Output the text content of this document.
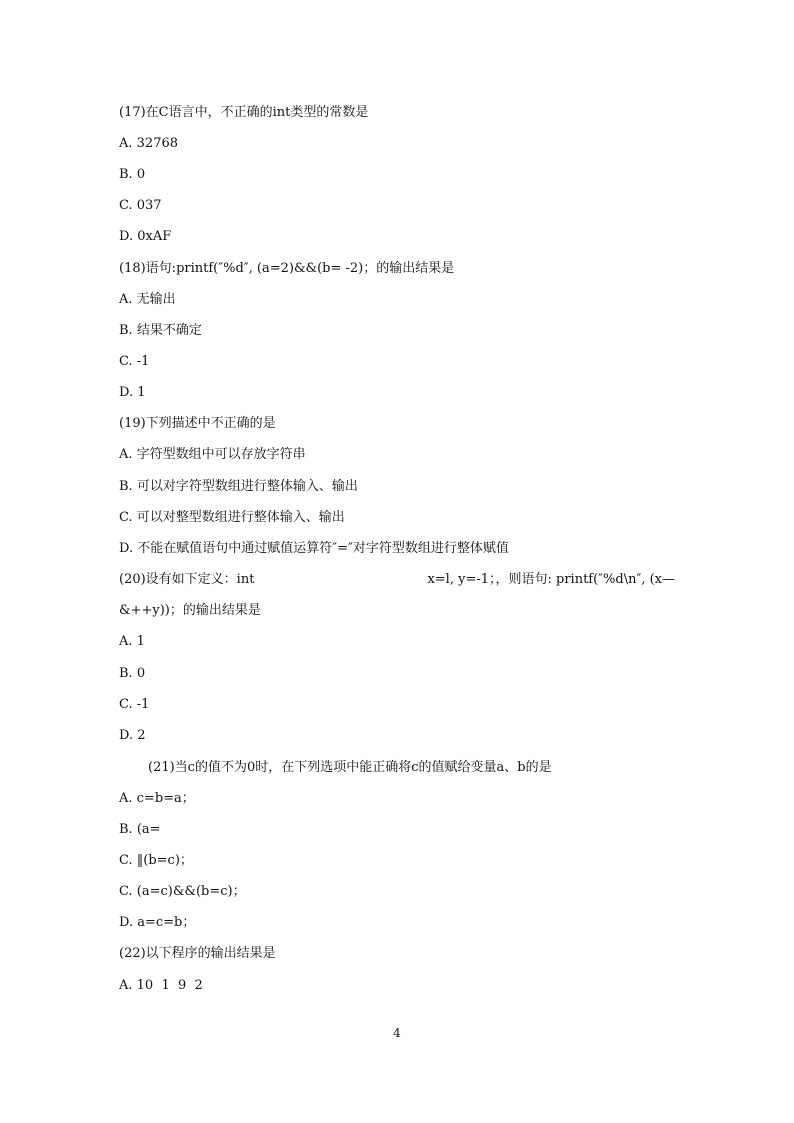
(17)在C语言中，不正确的int类型的常数是
A. 32768
B. 0
C. 037
D. 0xAF
(18)语句:printf(″%d″, (a=2)&&(b= -2)；的输出结果是
A. 无输出
B. 结果不确定
C. -1
D. 1
(19)下列描述中不正确的是
A. 字符型数组中可以存放字符串
B. 可以对字符型数组进行整体输入、输出
C. 可以对整型数组进行整体输入、输出
D. 不能在赋值语句中通过赋值运算符″=″对字符型数组进行整体赋值
(20)设有如下定义：int	x=l, y=-1；，则语句: printf(″%d\n″, (x—
&++y))；的输出结果是
A. 1
B. 0
C. -1
D. 2
(21)当c的值不为0时，在下列选项中能正确将c的值赋给变量a、b的是
A. c=b=a；
B. (a=
C. ‖(b=c)；
C. (a=c)&&(b=c)；
D. a=c=b；
(22)以下程序的输出结果是
A. 10  1  9  2
4
